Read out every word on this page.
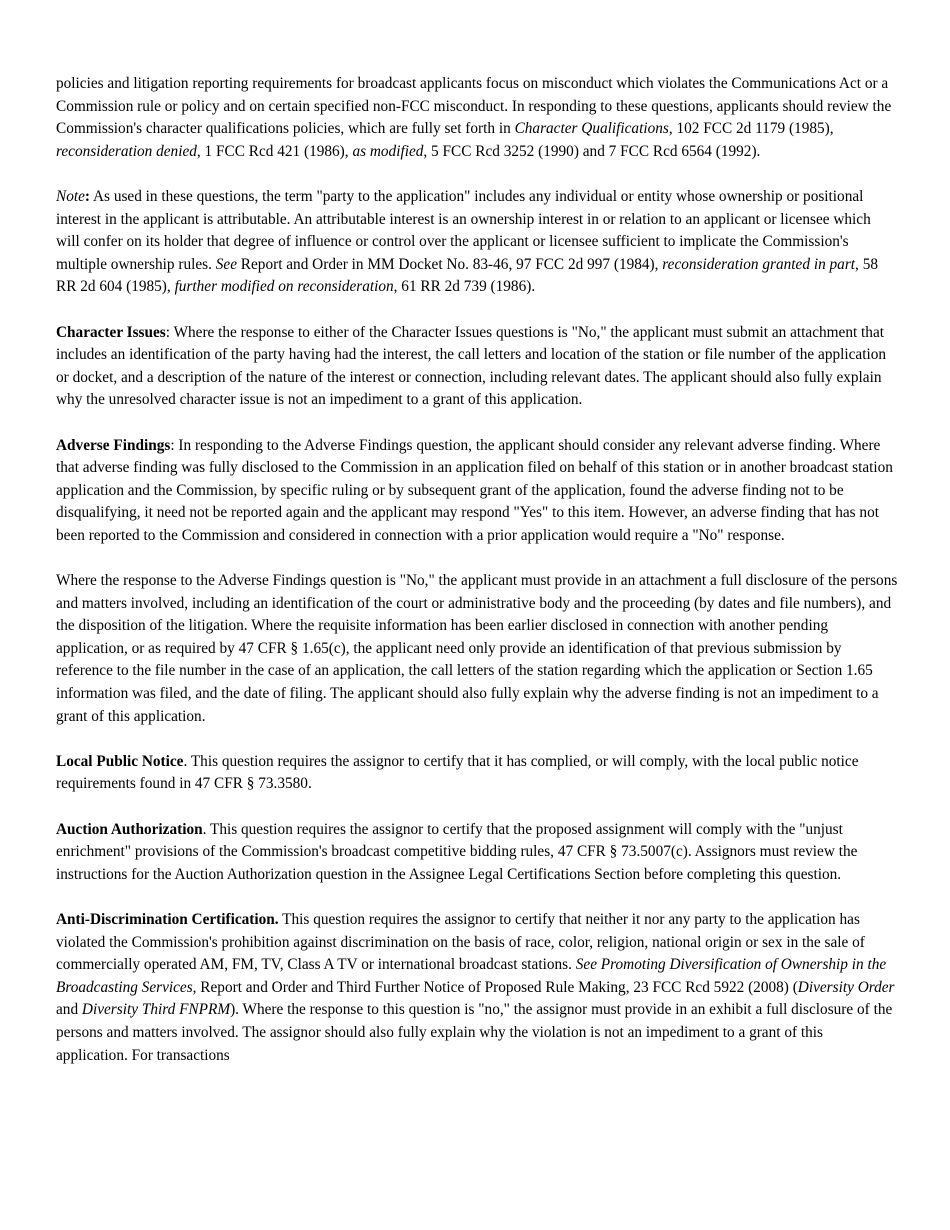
policies and litigation reporting requirements for broadcast applicants focus on misconduct which violates the Communications Act or a Commission rule or policy and on certain specified non-FCC misconduct. In responding to these questions, applicants should review the Commission's character qualifications policies, which are fully set forth in Character Qualifications, 102 FCC 2d 1179 (1985), reconsideration denied, 1 FCC Rcd 421 (1986), as modified, 5 FCC Rcd 3252 (1990) and 7 FCC Rcd 6564 (1992).

Note: As used in these questions, the term "party to the application" includes any individual or entity whose ownership or positional interest in the applicant is attributable. An attributable interest is an ownership interest in or relation to an applicant or licensee which will confer on its holder that degree of influence or control over the applicant or licensee sufficient to implicate the Commission's multiple ownership rules. See Report and Order in MM Docket No. 83-46, 97 FCC 2d 997 (1984), reconsideration granted in part, 58 RR 2d 604 (1985), further modified on reconsideration, 61 RR 2d 739 (1986).

Character Issues: Where the response to either of the Character Issues questions is "No," the applicant must submit an attachment that includes an identification of the party having had the interest, the call letters and location of the station or file number of the application or docket, and a description of the nature of the interest or connection, including relevant dates. The applicant should also fully explain why the unresolved character issue is not an impediment to a grant of this application.

Adverse Findings: In responding to the Adverse Findings question, the applicant should consider any relevant adverse finding. Where that adverse finding was fully disclosed to the Commission in an application filed on behalf of this station or in another broadcast station application and the Commission, by specific ruling or by subsequent grant of the application, found the adverse finding not to be disqualifying, it need not be reported again and the applicant may respond "Yes" to this item. However, an adverse finding that has not been reported to the Commission and considered in connection with a prior application would require a "No" response.

Where the response to the Adverse Findings question is "No," the applicant must provide in an attachment a full disclosure of the persons and matters involved, including an identification of the court or administrative body and the proceeding (by dates and file numbers), and the disposition of the litigation. Where the requisite information has been earlier disclosed in connection with another pending application, or as required by 47 CFR § 1.65(c), the applicant need only provide an identification of that previous submission by reference to the file number in the case of an application, the call letters of the station regarding which the application or Section 1.65 information was filed, and the date of filing. The applicant should also fully explain why the adverse finding is not an impediment to a grant of this application.

Local Public Notice. This question requires the assignor to certify that it has complied, or will comply, with the local public notice requirements found in 47 CFR § 73.3580.

Auction Authorization. This question requires the assignor to certify that the proposed assignment will comply with the "unjust enrichment" provisions of the Commission's broadcast competitive bidding rules, 47 CFR § 73.5007(c). Assignors must review the instructions for the Auction Authorization question in the Assignee Legal Certifications Section before completing this question.

Anti-Discrimination Certification. This question requires the assignor to certify that neither it nor any party to the application has violated the Commission's prohibition against discrimination on the basis of race, color, religion, national origin or sex in the sale of commercially operated AM, FM, TV, Class A TV or international broadcast stations. See Promoting Diversification of Ownership in the Broadcasting Services, Report and Order and Third Further Notice of Proposed Rule Making, 23 FCC Rcd 5922 (2008) (Diversity Order and Diversity Third FNPRM). Where the response to this question is "no," the assignor must provide in an exhibit a full disclosure of the persons and matters involved. The assignor should also fully explain why the violation is not an impediment to a grant of this application. For transactions
